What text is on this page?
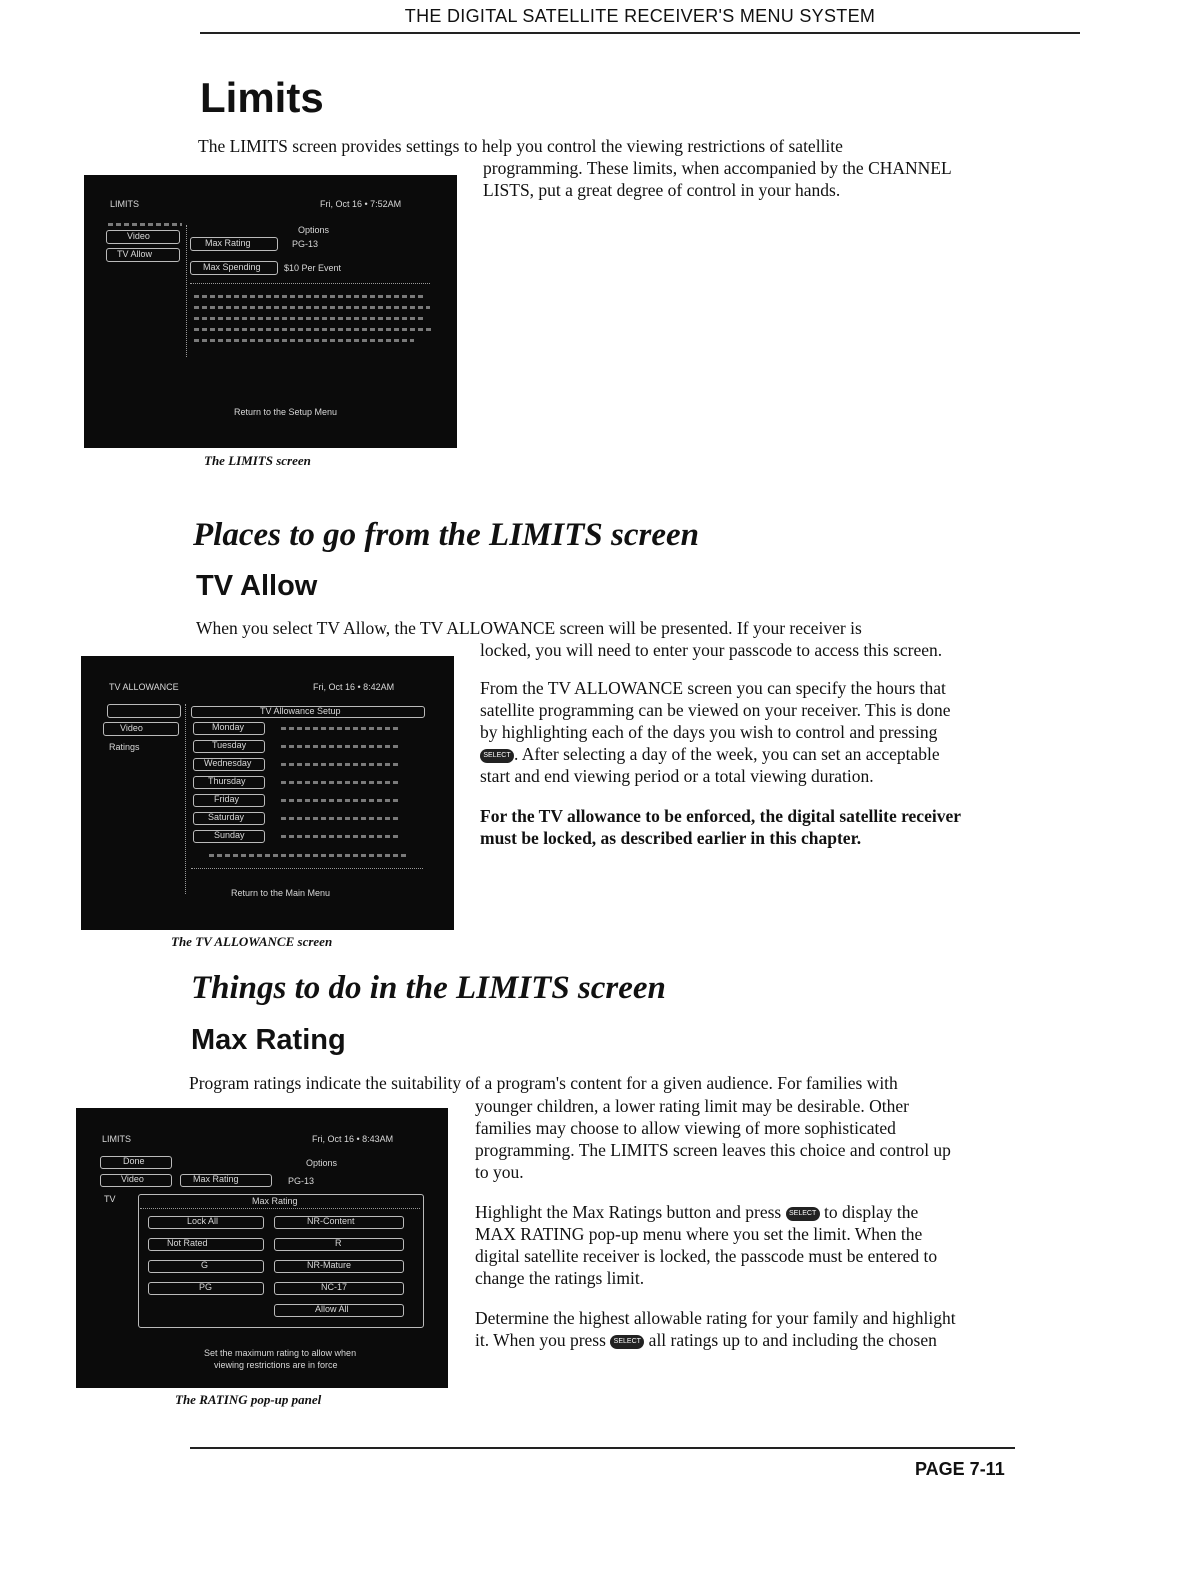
THE DIGITAL SATELLITE RECEIVER'S MENU SYSTEM
Limits

The LIMITS screen provides settings to help you control the viewing restrictions of satellite

programming. These limits, when accompanied by the CHANNEL

LISTS, put a great degree of control in your hands.

LIMITS	Fri, Oct 16 • 7:52AM
Video
TV Allow
Options
Max Rating	PG-13
Max Spending	$10 Per Event
Return to the Setup Menu
The LIMITS screen
Places to go from the LIMITS screen
TV Allow

When you select TV Allow, the TV ALLOWANCE screen will be presented. If your receiver is

locked, you will need to enter your passcode to access this screen.

From the TV ALLOWANCE screen you can specify the hours that

satellite programming can be viewed on your receiver. This is done

by highlighting each of the days you wish to control and pressing

SELECT . After selecting a day of the week, you can set an acceptable

start and end viewing period or a total viewing duration.

For the TV allowance to be enforced, the digital satellite receiver

must be locked, as described earlier in this chapter.

TV ALLOWANCE	Fri, Oct 16 • 8:42AM
Video
Ratings
TV Allowance Setup
Monday
Tuesday
Wednesday
Thursday
Friday
Saturday
Sunday
Return to the Main Menu
The TV ALLOWANCE screen
Things to do in the LIMITS screen
Max Rating

Program ratings indicate the suitability of a program's content for a given audience. For families with

younger children, a lower rating limit may be desirable. Other

families may choose to allow viewing of more sophisticated

programming. The LIMITS screen leaves this choice and control up

to you.

Highlight the Max Ratings button and press SELECT to display the

MAX RATING pop-up menu where you set the limit. When the

digital satellite receiver is locked, the passcode must be entered to

change the ratings limit.

Determine the highest allowable rating for your family and highlight

it. When you press SELECT all ratings up to and including the chosen

LIMITS	Fri, Oct 16 • 8:43AM
Done
Video
TV
Options
Max Rating	PG-13
Max Rating
Lock All
Not Rated
G
PG
NR-Content
R
NR-Mature
NC-17
Allow All
Set the maximum rating to allow when
viewing restrictions are in force
The RATING pop-up panel
PAGE 7-11
